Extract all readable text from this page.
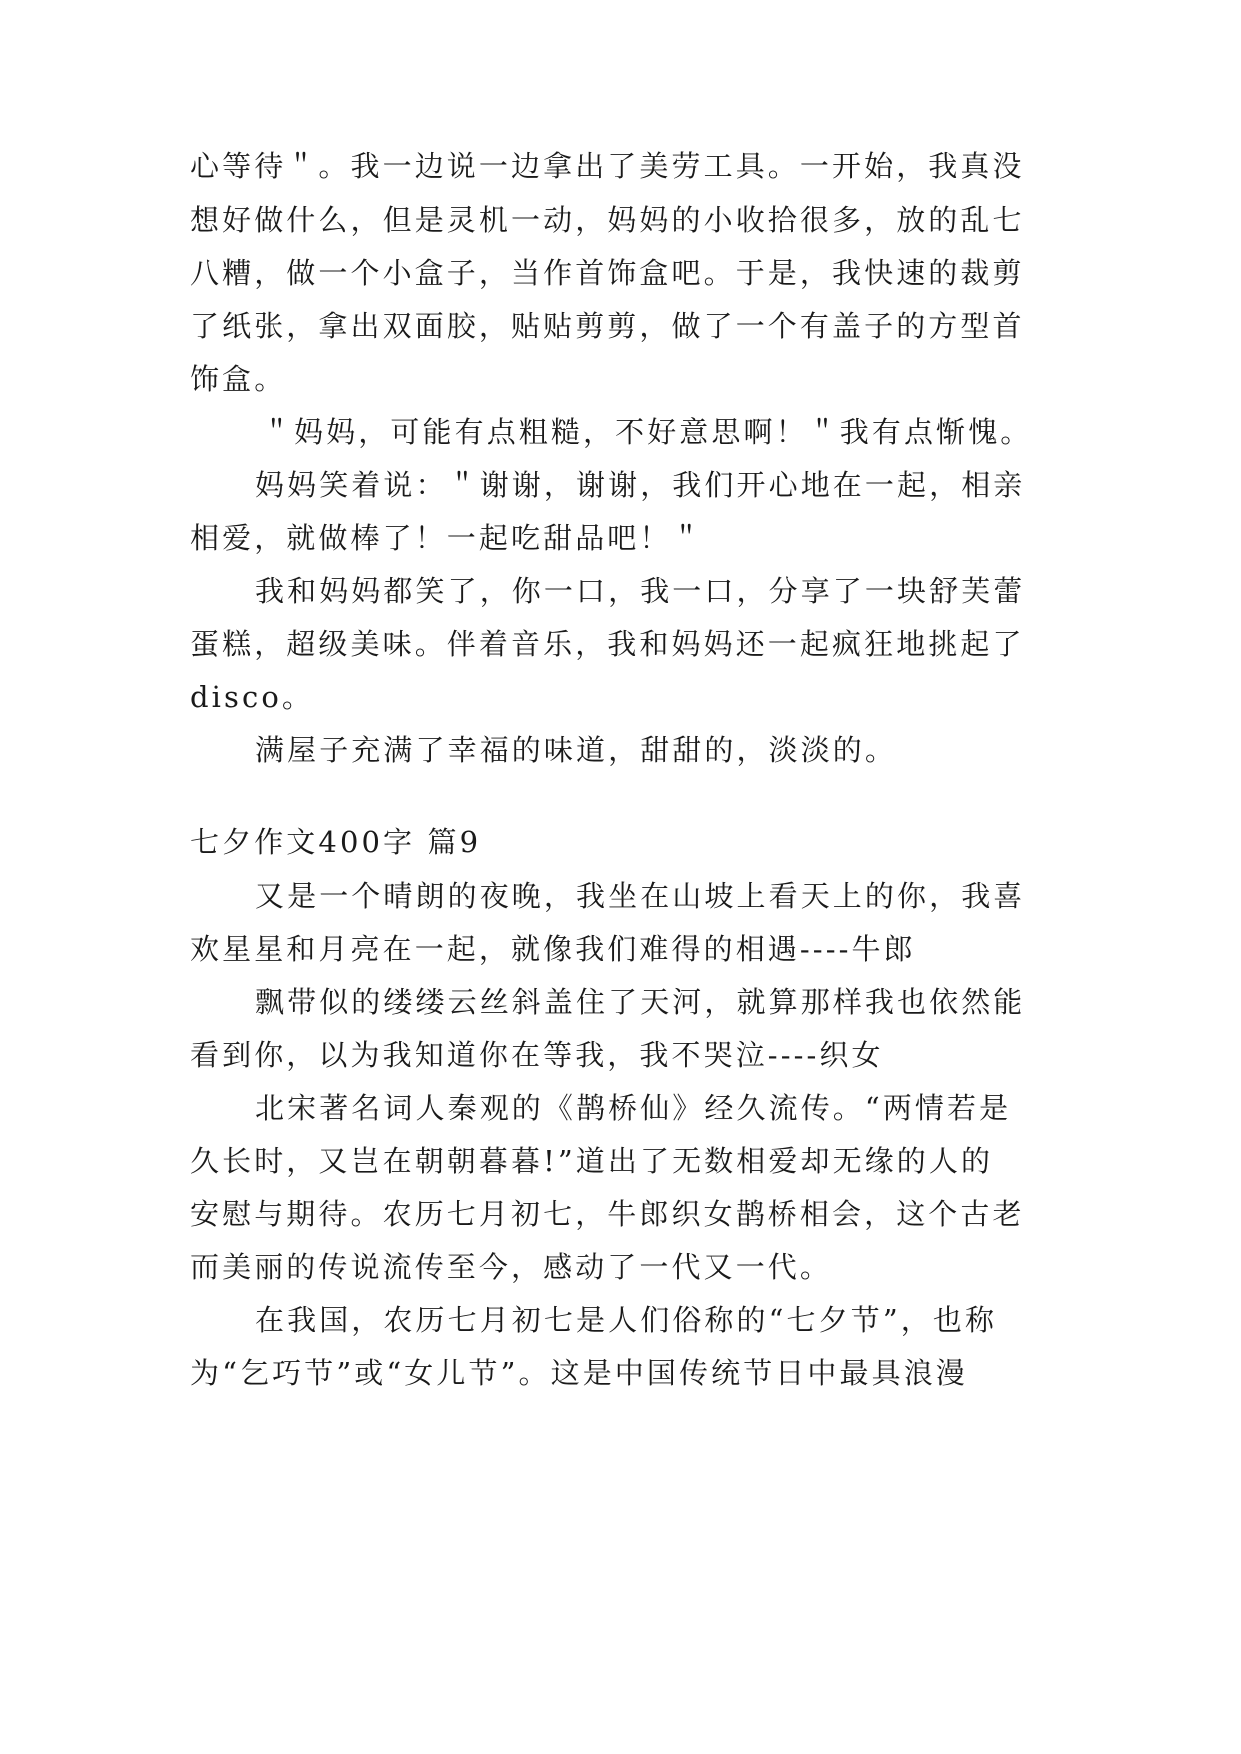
心等待＂。我一边说一边拿出了美劳工具。一开始，我真没
想好做什么，但是灵机一动，妈妈的小收拾很多，放的乱七
八糟，做一个小盒子，当作首饰盒吧。于是，我快速的裁剪
了纸张，拿出双面胶，贴贴剪剪，做了一个有盖子的方型首
饰盒。
＂妈妈，可能有点粗糙，不好意思啊！＂我有点惭愧。
妈妈笑着说：＂谢谢，谢谢，我们开心地在一起，相亲
相爱，就做棒了！一起吃甜品吧！＂
我和妈妈都笑了，你一口，我一口，分享了一块舒芙蕾
蛋糕，超级美味。伴着音乐，我和妈妈还一起疯狂地挑起了
disco。
满屋子充满了幸福的味道，甜甜的，淡淡的。
七夕作文400字 篇9
又是一个晴朗的夜晚，我坐在山坡上看天上的你，我喜
欢星星和月亮在一起，就像我们难得的相遇----牛郎
飘带似的缕缕云丝斜盖住了天河，就算那样我也依然能
看到你，以为我知道你在等我，我不哭泣----织女
北宋著名词人秦观的《鹊桥仙》经久流传。“两情若是
久长时，又岂在朝朝暮暮!”道出了无数相爱却无缘的人的
安慰与期待。农历七月初七，牛郎织女鹊桥相会，这个古老
而美丽的传说流传至今，感动了一代又一代。
在我国，农历七月初七是人们俗称的“七夕节”，也称
为“乞巧节”或“女儿节”。这是中国传统节日中最具浪漫
